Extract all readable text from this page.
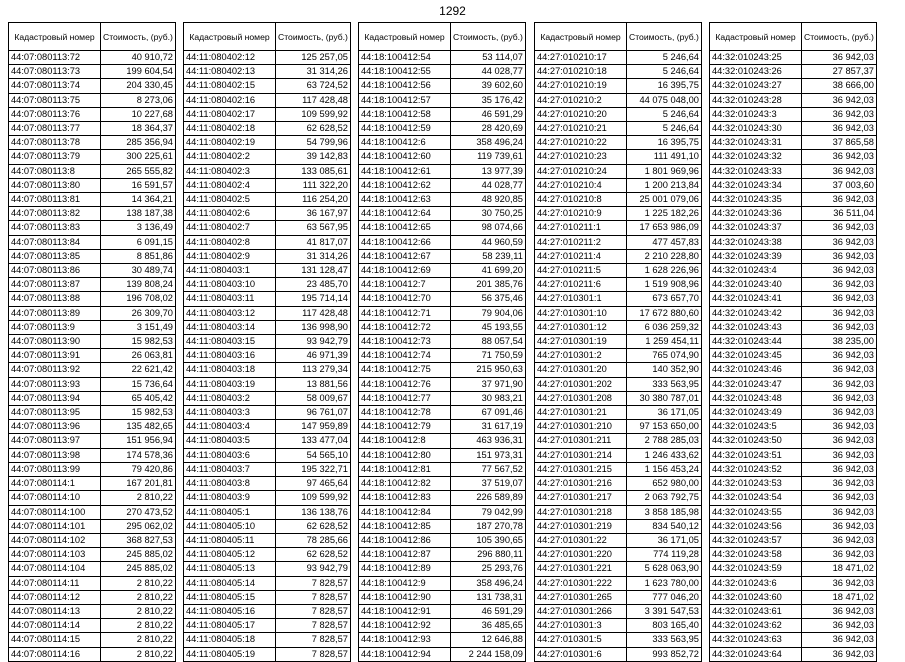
1292
Кадастровый номер	Стоимость, (руб.)
44:07:080113:72	40 910,72
44:07:080113:73	199 604,54
44:07:080113:74	204 330,45
44:07:080113:75	8 273,06
44:07:080113:76	10 227,68
44:07:080113:77	18 364,37
44:07:080113:78	285 356,94
44:07:080113:79	300 225,61
44:07:080113:8	265 555,82
44:07:080113:80	16 591,57
44:07:080113:81	14 364,21
44:07:080113:82	138 187,38
44:07:080113:83	3 136,49
44:07:080113:84	6 091,15
44:07:080113:85	8 851,86
44:07:080113:86	30 489,74
44:07:080113:87	139 808,24
44:07:080113:88	196 708,02
44:07:080113:89	26 309,70
44:07:080113:9	3 151,49
44:07:080113:90	15 982,53
44:07:080113:91	26 063,81
44:07:080113:92	22 621,42
44:07:080113:93	15 736,64
44:07:080113:94	65 405,42
44:07:080113:95	15 982,53
44:07:080113:96	135 482,65
44:07:080113:97	151 956,94
44:07:080113:98	174 578,36
44:07:080113:99	79 420,86
44:07:080114:1	167 201,81
44:07:080114:10	2 810,22
44:07:080114:100	270 473,52
44:07:080114:101	295 062,02
44:07:080114:102	368 827,53
44:07:080114:103	245 885,02
44:07:080114:104	245 885,02
44:07:080114:11	2 810,22
44:07:080114:12	2 810,22
44:07:080114:13	2 810,22
44:07:080114:14	2 810,22
44:07:080114:15	2 810,22
44:07:080114:16	2 810,22
Кадастровый номер	Стоимость, (руб.)
44:11:080402:12	125 257,05
44:11:080402:13	31 314,26
44:11:080402:15	63 724,52
44:11:080402:16	117 428,48
44:11:080402:17	109 599,92
44:11:080402:18	62 628,52
44:11:080402:19	54 799,96
44:11:080402:2	39 142,83
44:11:080402:3	133 085,61
44:11:080402:4	111 322,20
44:11:080402:5	116 254,20
44:11:080402:6	36 167,97
44:11:080402:7	63 567,95
44:11:080402:8	41 817,07
44:11:080402:9	31 314,26
44:11:080403:1	131 128,47
44:11:080403:10	23 485,70
44:11:080403:11	195 714,14
44:11:080403:12	117 428,48
44:11:080403:14	136 998,90
44:11:080403:15	93 942,79
44:11:080403:16	46 971,39
44:11:080403:18	113 279,34
44:11:080403:19	13 881,56
44:11:080403:2	58 009,67
44:11:080403:3	96 761,07
44:11:080403:4	147 959,89
44:11:080403:5	133 477,04
44:11:080403:6	54 565,10
44:11:080403:7	195 322,71
44:11:080403:8	97 465,64
44:11:080403:9	109 599,92
44:11:080405:1	136 138,76
44:11:080405:10	62 628,52
44:11:080405:11	78 285,66
44:11:080405:12	62 628,52
44:11:080405:13	93 942,79
44:11:080405:14	7 828,57
44:11:080405:15	7 828,57
44:11:080405:16	7 828,57
44:11:080405:17	7 828,57
44:11:080405:18	7 828,57
44:11:080405:19	7 828,57
Кадастровый номер	Стоимость, (руб.)
44:18:100412:54	53 114,07
44:18:100412:55	44 028,77
44:18:100412:56	39 602,60
44:18:100412:57	35 176,42
44:18:100412:58	46 591,29
44:18:100412:59	28 420,69
44:18:100412:6	358 496,24
44:18:100412:60	119 739,61
44:18:100412:61	13 977,39
44:18:100412:62	44 028,77
44:18:100412:63	48 920,85
44:18:100412:64	30 750,25
44:18:100412:65	98 074,66
44:18:100412:66	44 960,59
44:18:100412:67	58 239,11
44:18:100412:69	41 699,20
44:18:100412:7	201 385,76
44:18:100412:70	56 375,46
44:18:100412:71	79 904,06
44:18:100412:72	45 193,55
44:18:100412:73	88 057,54
44:18:100412:74	71 750,59
44:18:100412:75	215 950,63
44:18:100412:76	37 971,90
44:18:100412:77	30 983,21
44:18:100412:78	67 091,46
44:18:100412:79	31 617,19
44:18:100412:8	463 936,31
44:18:100412:80	151 973,31
44:18:100412:81	77 567,52
44:18:100412:82	37 519,07
44:18:100412:83	226 589,89
44:18:100412:84	79 042,99
44:18:100412:85	187 270,78
44:18:100412:86	105 390,65
44:18:100412:87	296 880,11
44:18:100412:89	25 293,76
44:18:100412:9	358 496,24
44:18:100412:90	131 738,31
44:18:100412:91	46 591,29
44:18:100412:92	36 485,65
44:18:100412:93	12 646,88
44:18:100412:94	2 244 158,09
Кадастровый номер	Стоимость, (руб.)
44:27:010210:17	5 246,64
44:27:010210:18	5 246,64
44:27:010210:19	16 395,75
44:27:010210:2	44 075 048,00
44:27:010210:20	5 246,64
44:27:010210:21	5 246,64
44:27:010210:22	16 395,75
44:27:010210:23	111 491,10
44:27:010210:24	1 801 969,96
44:27:010210:4	1 200 213,84
44:27:010210:8	25 001 079,06
44:27:010210:9	1 225 182,26
44:27:010211:1	17 653 986,09
44:27:010211:2	477 457,83
44:27:010211:4	2 210 228,80
44:27:010211:5	1 628 226,96
44:27:010211:6	1 519 908,96
44:27:010301:1	673 657,70
44:27:010301:10	17 672 880,60
44:27:010301:12	6 036 259,32
44:27:010301:19	1 259 454,11
44:27:010301:2	765 074,90
44:27:010301:20	140 352,90
44:27:010301:202	333 563,95
44:27:010301:208	30 380 787,01
44:27:010301:21	36 171,05
44:27:010301:210	97 153 650,00
44:27:010301:211	2 788 285,03
44:27:010301:214	1 246 433,62
44:27:010301:215	1 156 453,24
44:27:010301:216	652 980,00
44:27:010301:217	2 063 792,75
44:27:010301:218	3 858 185,98
44:27:010301:219	834 540,12
44:27:010301:22	36 171,05
44:27:010301:220	774 119,28
44:27:010301:221	5 628 063,90
44:27:010301:222	1 623 780,00
44:27:010301:265	777 046,20
44:27:010301:266	3 391 547,53
44:27:010301:3	803 165,40
44:27:010301:5	333 563,95
44:27:010301:6	993 852,72
Кадастровый номер	Стоимость, (руб.)
44:32:010243:25	36 942,03
44:32:010243:26	27 857,37
44:32:010243:27	38 666,00
44:32:010243:28	36 942,03
44:32:010243:3	36 942,03
44:32:010243:30	36 942,03
44:32:010243:31	37 865,58
44:32:010243:32	36 942,03
44:32:010243:33	36 942,03
44:32:010243:34	37 003,60
44:32:010243:35	36 942,03
44:32:010243:36	36 511,04
44:32:010243:37	36 942,03
44:32:010243:38	36 942,03
44:32:010243:39	36 942,03
44:32:010243:4	36 942,03
44:32:010243:40	36 942,03
44:32:010243:41	36 942,03
44:32:010243:42	36 942,03
44:32:010243:43	36 942,03
44:32:010243:44	38 235,00
44:32:010243:45	36 942,03
44:32:010243:46	36 942,03
44:32:010243:47	36 942,03
44:32:010243:48	36 942,03
44:32:010243:49	36 942,03
44:32:010243:5	36 942,03
44:32:010243:50	36 942,03
44:32:010243:51	36 942,03
44:32:010243:52	36 942,03
44:32:010243:53	36 942,03
44:32:010243:54	36 942,03
44:32:010243:55	36 942,03
44:32:010243:56	36 942,03
44:32:010243:57	36 942,03
44:32:010243:58	36 942,03
44:32:010243:59	18 471,02
44:32:010243:6	36 942,03
44:32:010243:60	18 471,02
44:32:010243:61	36 942,03
44:32:010243:62	36 942,03
44:32:010243:63	36 942,03
44:32:010243:64	36 942,03
